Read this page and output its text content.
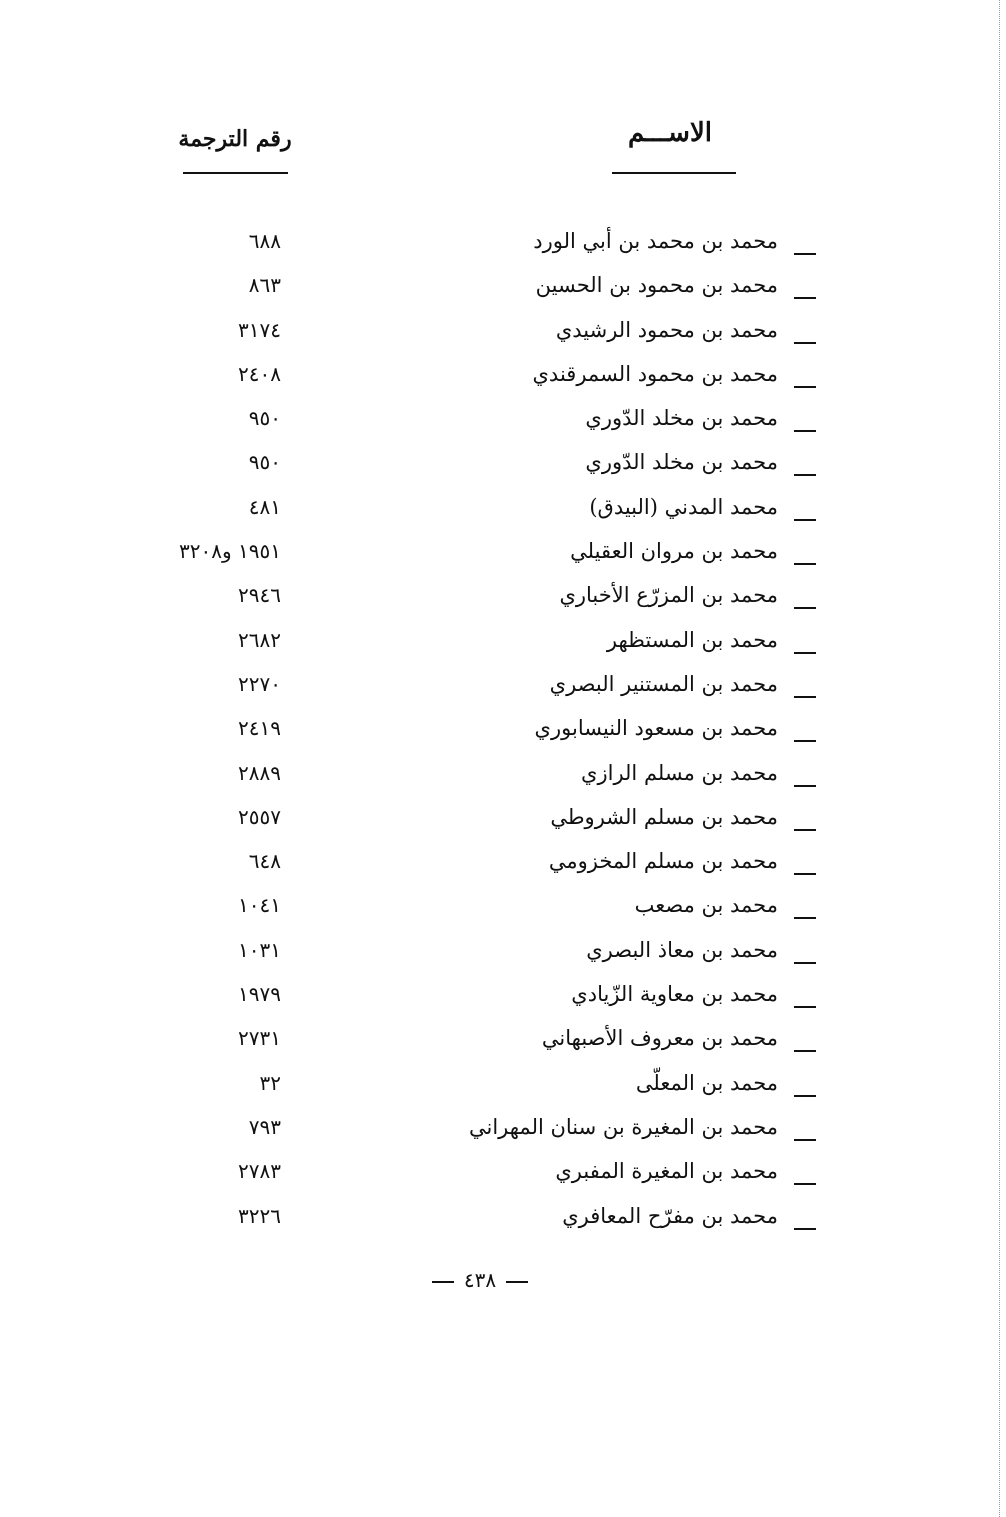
الاســـم
رقم الترجمة
محمد بن محمد بن أبي الورد
٦٨٨
محمد بن محمود بن الحسين
٨٦٣
محمد بن محمود الرشيدي
٣١٧٤
محمد بن محمود السمرقندي
٢٤٠٨
محمد بن مخلد الدّوري
٩٥٠
محمد بن مخلد الدّوري
٩٥٠
محمد المدني (البيدق)
٤٨١
محمد بن مروان العقيلي
١٩٥١ و٣٢٠٨
محمد بن المزرّع الأخباري
٢٩٤٦
محمد بن المستظهر
٢٦٨٢
محمد بن المستنير البصري
٢٢٧٠
محمد بن مسعود النيسابوري
٢٤١٩
محمد بن مسلم الرازي
٢٨٨٩
محمد بن مسلم الشروطي
٢٥٥٧
محمد بن مسلم المخزومي
٦٤٨
محمد بن مصعب
١٠٤١
محمد بن معاذ البصري
١٠٣١
محمد بن معاوية الزّيادي
١٩٧٩
محمد بن معروف الأصبهاني
٢٧٣١
محمد بن المعلّى
٣٢
محمد بن المغيرة بن سنان المهراني
٧٩٣
محمد بن المغيرة المفبري
٢٧٨٣
محمد بن مفرّح المعافري
٣٢٢٦
٤٣٨
